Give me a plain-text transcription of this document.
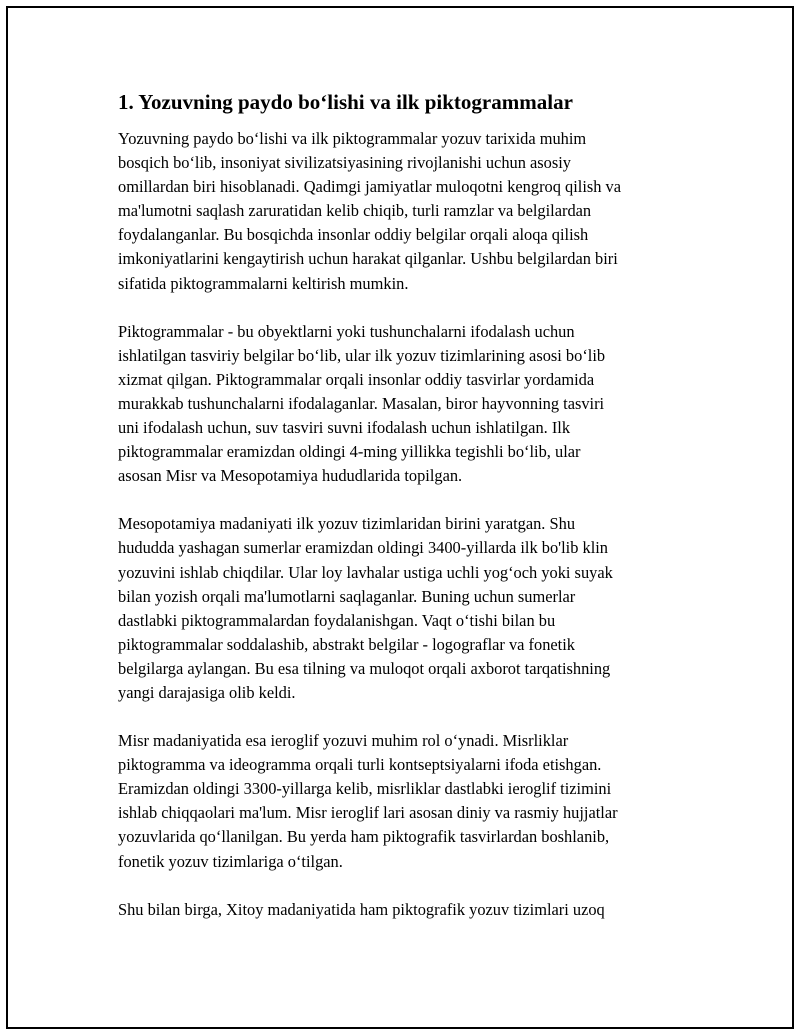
1. Yozuvning paydo boʻlishi va ilk piktogrammalar

Yozuvning paydo boʻlishi va ilk piktogrammalar yozuv tarixida muhim
bosqich boʻlib, insoniyat sivilizatsiyasining rivojlanishi uchun asosiy
omillardan biri hisoblanadi. Qadimgi jamiyatlar muloqotni kengroq qilish va
ma'lumotni saqlash zaruratidan kelib chiqib, turli ramzlar va belgilardan
foydalanganlar. Bu bosqichda insonlar oddiy belgilar orqali aloqa qilish
imkoniyatlarini kengaytirish uchun harakat qilganlar. Ushbu belgilardan biri
sifatida piktogrammalarni keltirish mumkin.

Piktogrammalar - bu obyektlarni yoki tushunchalarni ifodalash uchun
ishlatilgan tasviriy belgilar boʻlib, ular ilk yozuv tizimlarining asosi boʻlib
xizmat qilgan. Piktogrammalar orqali insonlar oddiy tasvirlar yordamida
murakkab tushunchalarni ifodalaganlar. Masalan, biror hayvonning tasviri
uni ifodalash uchun, suv tasviri suvni ifodalash uchun ishlatilgan. Ilk
piktogrammalar eramizdan oldingi 4-ming yillikka tegishli boʻlib, ular
asosan Misr va Mesopotamiya hududlarida topilgan.

Mesopotamiya madaniyati ilk yozuv tizimlaridan birini yaratgan. Shu
hududda yashagan sumerlar eramizdan oldingi 3400-yillarda ilk bo'lib klin
yozuvini ishlab chiqdilar. Ular loy lavhalar ustiga uchli yogʻoch yoki suyak
bilan yozish orqali ma'lumotlarni saqlaganlar. Buning uchun sumerlar
dastlabki piktogrammalardan foydalanishgan. Vaqt oʻtishi bilan bu
piktogrammalar soddalashib, abstrakt belgilar - logograflar va fonetik
belgilarga aylangan. Bu esa tilning va muloqot orqali axborot tarqatishning
yangi darajasiga olib keldi.

Misr madaniyatida esa ieroglif yozuvi muhim rol oʻynadi. Misrliklar
piktogramma va ideogramma orqali turli kontseptsiyalarni ifoda etishgan.
Eramizdan oldingi 3300-yillarga kelib, misrliklar dastlabki ieroglif tizimini
ishlab chiqqaolari ma'lum. Misr ieroglif lari asosan diniy va rasmiy hujjatlar
yozuvlarida qoʻllanilgan. Bu yerda ham piktografik tasvirlardan boshlanib,
fonetik yozuv tizimlariga oʻtilgan.

Shu bilan birga, Xitoy madaniyatida ham piktografik yozuv tizimlari uzoq
